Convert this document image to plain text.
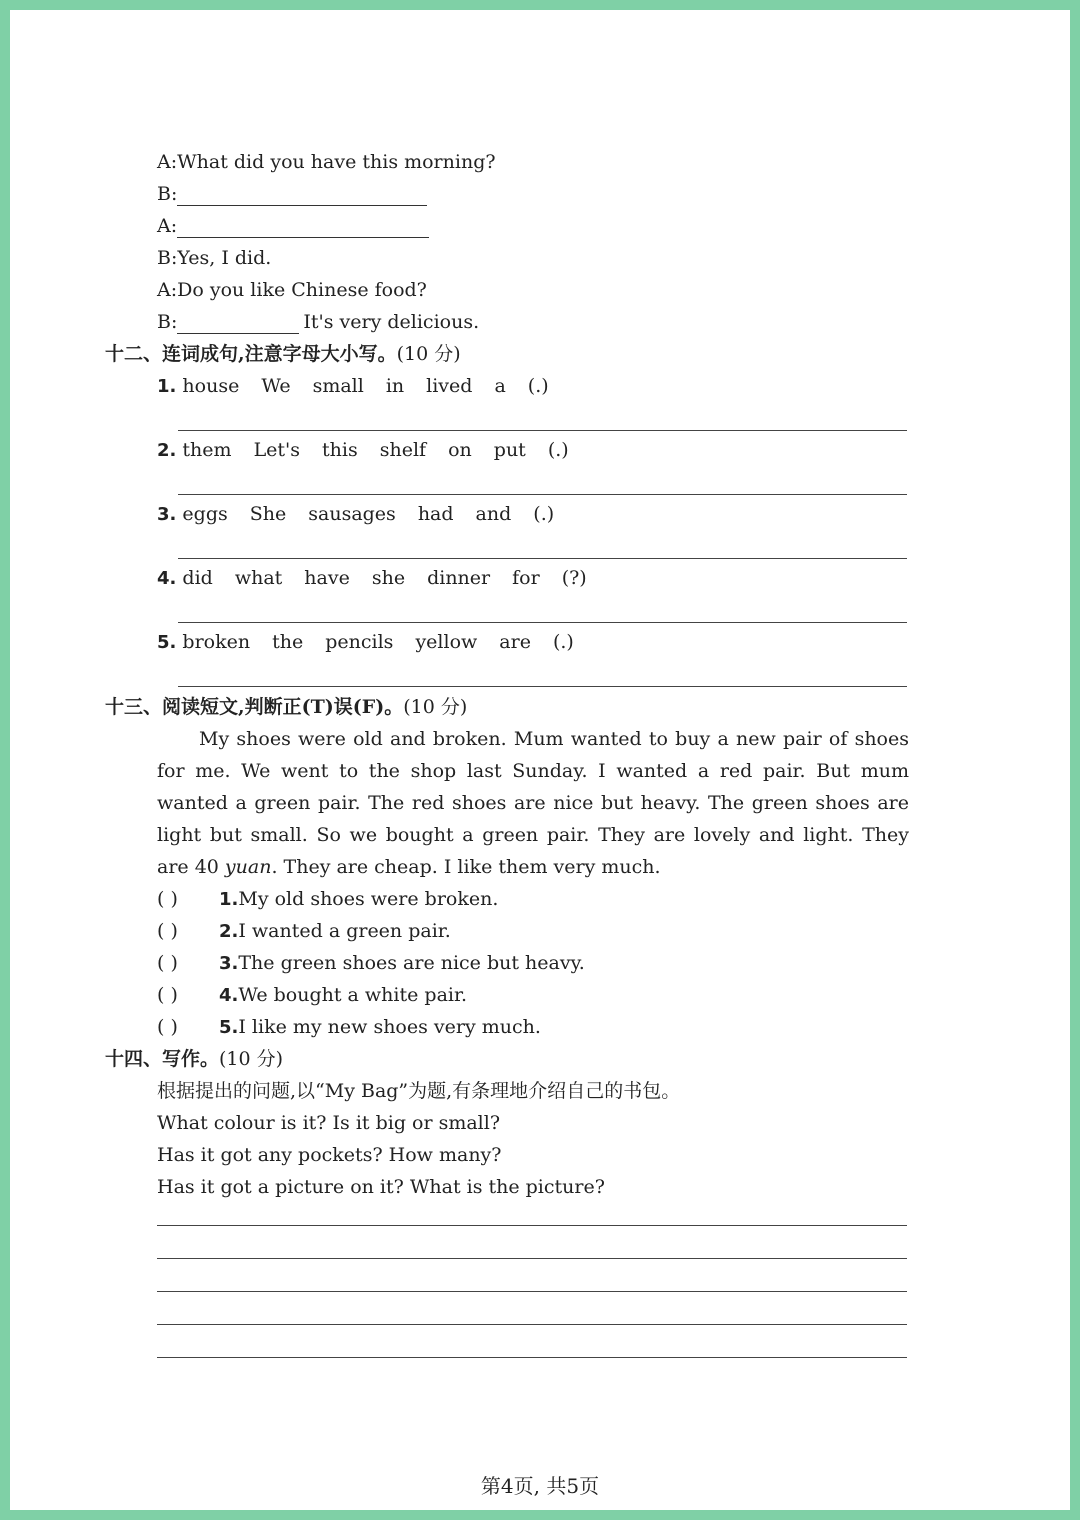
A:What did you have this morning?
B:
A:
B:Yes, I did.
A:Do you like Chinese food?
B:	It's very delicious.
十二、连词成句,注意字母大小写。(10 分)
1. house We small in lived a (.)
2. them Let's this shelf on put (.)
3. eggs She sausages had and (.)
4. did what have she dinner for (?)
5. broken the pencils yellow are (.)
十三、阅读短文,判断正(T)误(F)。(10 分)
My shoes were old and broken. Mum wanted to buy a new pair of shoes for me. We went to the shop last Sunday. I wanted a red pair. But mum wanted a green pair. The red shoes are nice but heavy. The green shoes are light but small. So we bought a green pair. They are lovely and light. They are 40 yuan. They are cheap. I like them very much.
( ) 1.My old shoes were broken.
( ) 2.I wanted a green pair.
( ) 3.The green shoes are nice but heavy.
( ) 4.We bought a white pair.
( ) 5.I like my new shoes very much.
十四、写作。(10 分)
根据提出的问题,以“My Bag”为题,有条理地介绍自己的书包。
What colour is it? Is it big or small?
Has it got any pockets? How many?
Has it got a picture on it? What is the picture?
第4页, 共5页
